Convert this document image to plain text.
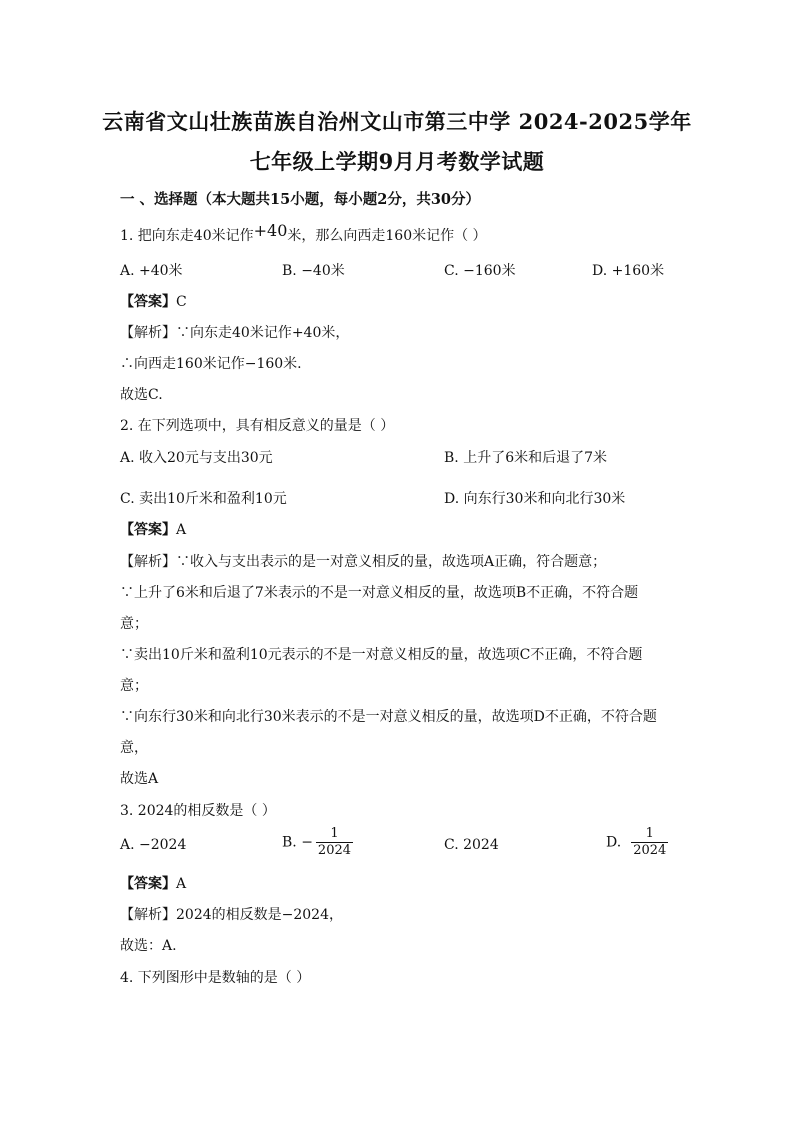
云南省文山壮族苗族自治州文山市第三中学 2024-2025学年
七年级上学期9月月考数学试题
一 、选择题（本大题共15小题，每小题2分，共30分）
1. 把向东走40米记作+40米，那么向西走160米记作（ ）
A. +40米	B. −40米	C. −160米	D. +160米
【答案】C
【解析】∵向东走40米记作+40米，
∴向西走160米记作−160米.
故选C.
2. 在下列选项中，具有相反意义的量是（ ）
A. 收入20元与支出30元	B. 上升了6米和后退了7米
C. 卖出10斤米和盈利10元	D. 向东行30米和向北行30米
【答案】A
【解析】∵收入与支出表示的是一对意义相反的量，故选项A正确，符合题意；
∵上升了6米和后退了7米表示的不是一对意义相反的量，故选项B不正确，不符合题
意；
∵卖出10斤米和盈利10元表示的不是一对意义相反的量，故选项C不正确，不符合题
意；
∵向东行30米和向北行30米表示的不是一对意义相反的量，故选项D不正确，不符合题
意，
故选A
3. 2024的相反数是（ ）
A. −2024	B. − $\frac{1}{2024}$	C. 2024	D. $\frac{1}{2024}$
【答案】A
【解析】2024的相反数是−2024，
故选：A.
4. 下列图形中是数轴的是（ ）
